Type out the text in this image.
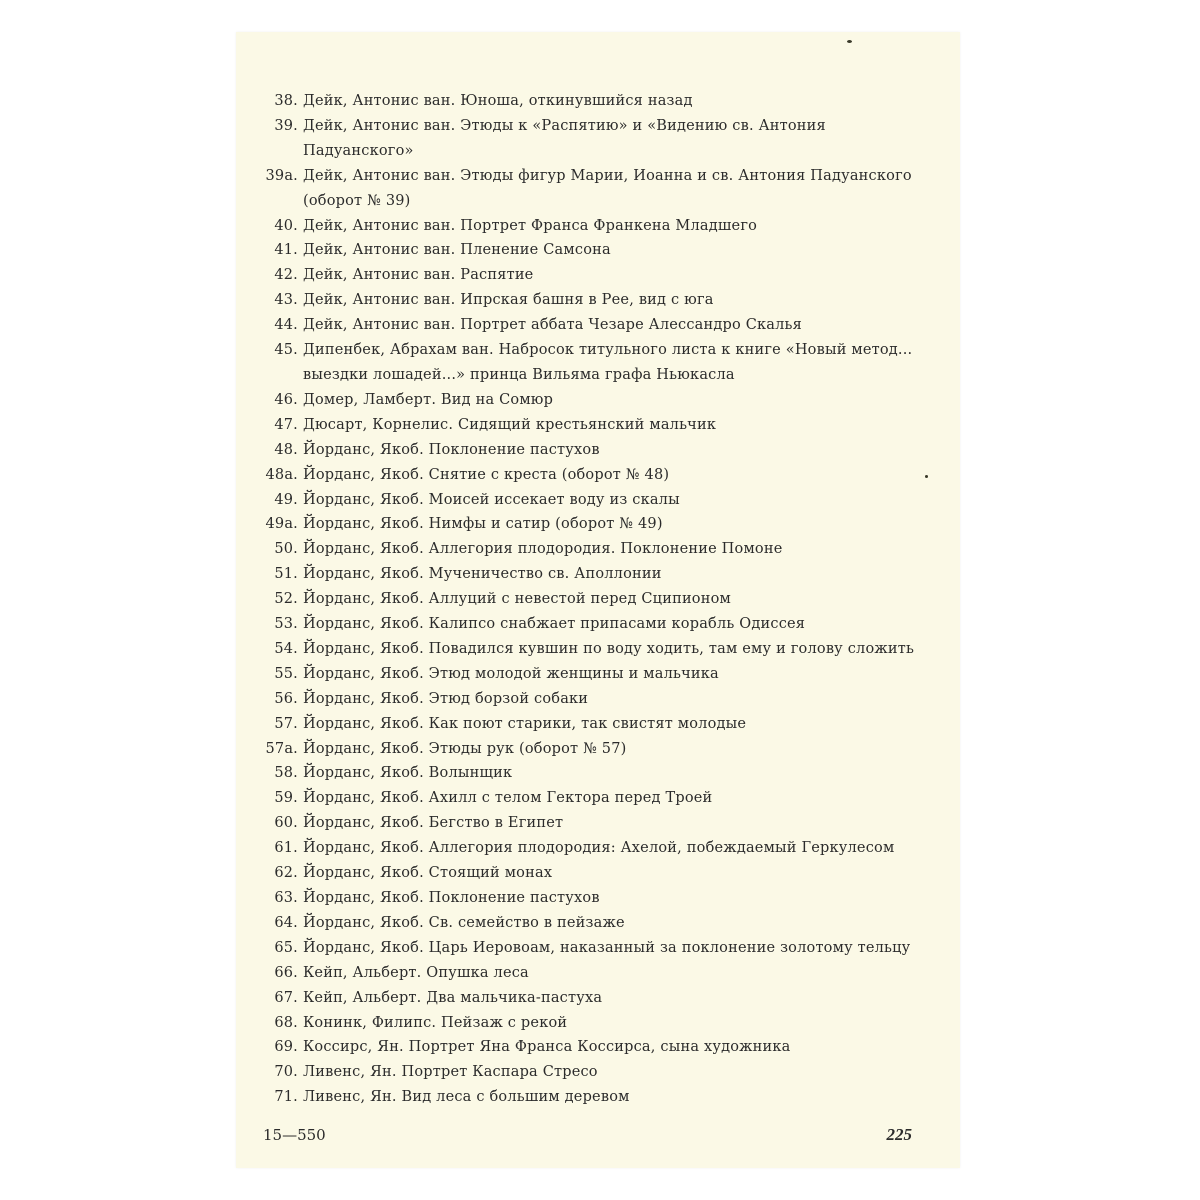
38. Дейк, Антонис ван. Юноша, откинувшийся назад
39. Дейк, Антонис ван. Этюды к «Распятию» и «Видению св. Антония Падуанского»
39а. Дейк, Антонис ван. Этюды фигур Марии, Иоанна и св. Антония Падуанского (оборот № 39)
40. Дейк, Антонис ван. Портрет Франса Франкена Младшего
41. Дейк, Антонис ван. Пленение Самсона
42. Дейк, Антонис ван. Распятие
43. Дейк, Антонис ван. Ипрская башня в Рее, вид с юга
44. Дейк, Антонис ван. Портрет аббата Чезаре Алессандро Скалья
45. Дипенбек, Абрахам ван. Набросок титульного листа к книге «Новый метод... выездки лошадей...» принца Вильяма графа Ньюкасла
46. Домер, Ламберт. Вид на Сомюр
47. Дюсарт, Корнелис. Сидящий крестьянский мальчик
48. Йорданс, Якоб. Поклонение пастухов
48а. Йорданс, Якоб. Снятие с креста (оборот № 48)
49. Йорданс, Якоб. Моисей иссекает воду из скалы
49а. Йорданс, Якоб. Нимфы и сатир (оборот № 49)
50. Йорданс, Якоб. Аллегория плодородия. Поклонение Помоне
51. Йорданс, Якоб. Мученичество св. Аполлонии
52. Йорданс, Якоб. Аллуций с невестой перед Сципионом
53. Йорданс, Якоб. Калипсо снабжает припасами корабль Одиссея
54. Йорданс, Якоб. Повадился кувшин по воду ходить, там ему и голову сложить
55. Йорданс, Якоб. Этюд молодой женщины и мальчика
56. Йорданс, Якоб. Этюд борзой собаки
57. Йорданс, Якоб. Как поют старики, так свистят молодые
57а. Йорданс, Якоб. Этюды рук (оборот № 57)
58. Йорданс, Якоб. Волынщик
59. Йорданс, Якоб. Ахилл с телом Гектора перед Троей
60. Йорданс, Якоб. Бегство в Египет
61. Йорданс, Якоб. Аллегория плодородия: Ахелой, побеждаемый Геркулесом
62. Йорданс, Якоб. Стоящий монах
63. Йорданс, Якоб. Поклонение пастухов
64. Йорданс, Якоб. Св. семейство в пейзаже
65. Йорданс, Якоб. Царь Иеровоам, наказанный за поклонение золотому тельцу
66. Кейп, Альберт. Опушка леса
67. Кейп, Альберт. Два мальчика-пастуха
68. Конинк, Филипс. Пейзаж с рекой
69. Коссирс, Ян. Портрет Яна Франса Коссирса, сына художника
70. Ливенс, Ян. Портрет Каспара Стресо
71. Ливенс, Ян. Вид леса с большим деревом
15—550	225
